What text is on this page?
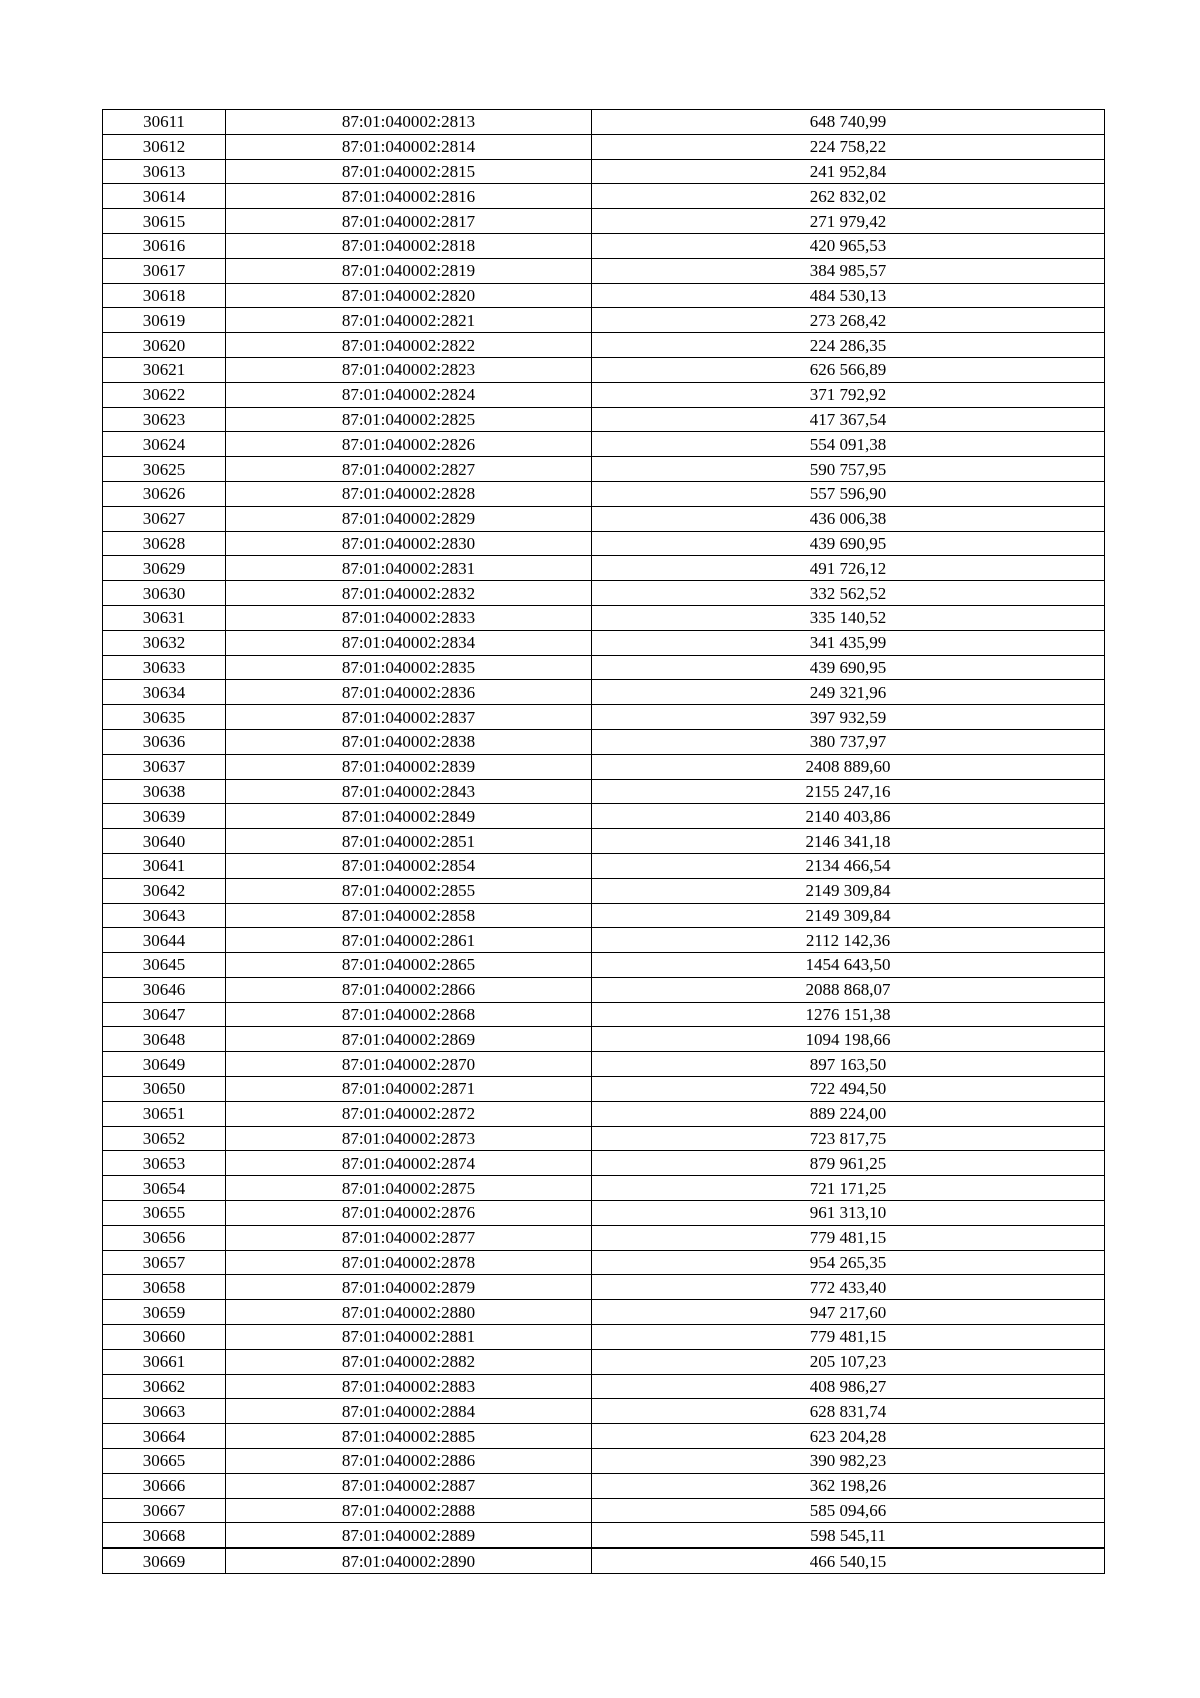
30611	87:01:040002:2813	648 740,99
30612	87:01:040002:2814	224 758,22
30613	87:01:040002:2815	241 952,84
30614	87:01:040002:2816	262 832,02
30615	87:01:040002:2817	271 979,42
30616	87:01:040002:2818	420 965,53
30617	87:01:040002:2819	384 985,57
30618	87:01:040002:2820	484 530,13
30619	87:01:040002:2821	273 268,42
30620	87:01:040002:2822	224 286,35
30621	87:01:040002:2823	626 566,89
30622	87:01:040002:2824	371 792,92
30623	87:01:040002:2825	417 367,54
30624	87:01:040002:2826	554 091,38
30625	87:01:040002:2827	590 757,95
30626	87:01:040002:2828	557 596,90
30627	87:01:040002:2829	436 006,38
30628	87:01:040002:2830	439 690,95
30629	87:01:040002:2831	491 726,12
30630	87:01:040002:2832	332 562,52
30631	87:01:040002:2833	335 140,52
30632	87:01:040002:2834	341 435,99
30633	87:01:040002:2835	439 690,95
30634	87:01:040002:2836	249 321,96
30635	87:01:040002:2837	397 932,59
30636	87:01:040002:2838	380 737,97
30637	87:01:040002:2839	2408 889,60
30638	87:01:040002:2843	2155 247,16
30639	87:01:040002:2849	2140 403,86
30640	87:01:040002:2851	2146 341,18
30641	87:01:040002:2854	2134 466,54
30642	87:01:040002:2855	2149 309,84
30643	87:01:040002:2858	2149 309,84
30644	87:01:040002:2861	2112 142,36
30645	87:01:040002:2865	1454 643,50
30646	87:01:040002:2866	2088 868,07
30647	87:01:040002:2868	1276 151,38
30648	87:01:040002:2869	1094 198,66
30649	87:01:040002:2870	897 163,50
30650	87:01:040002:2871	722 494,50
30651	87:01:040002:2872	889 224,00
30652	87:01:040002:2873	723 817,75
30653	87:01:040002:2874	879 961,25
30654	87:01:040002:2875	721 171,25
30655	87:01:040002:2876	961 313,10
30656	87:01:040002:2877	779 481,15
30657	87:01:040002:2878	954 265,35
30658	87:01:040002:2879	772 433,40
30659	87:01:040002:2880	947 217,60
30660	87:01:040002:2881	779 481,15
30661	87:01:040002:2882	205 107,23
30662	87:01:040002:2883	408 986,27
30663	87:01:040002:2884	628 831,74
30664	87:01:040002:2885	623 204,28
30665	87:01:040002:2886	390 982,23
30666	87:01:040002:2887	362 198,26
30667	87:01:040002:2888	585 094,66
30668	87:01:040002:2889	598 545,11
30669	87:01:040002:2890	466 540,15
